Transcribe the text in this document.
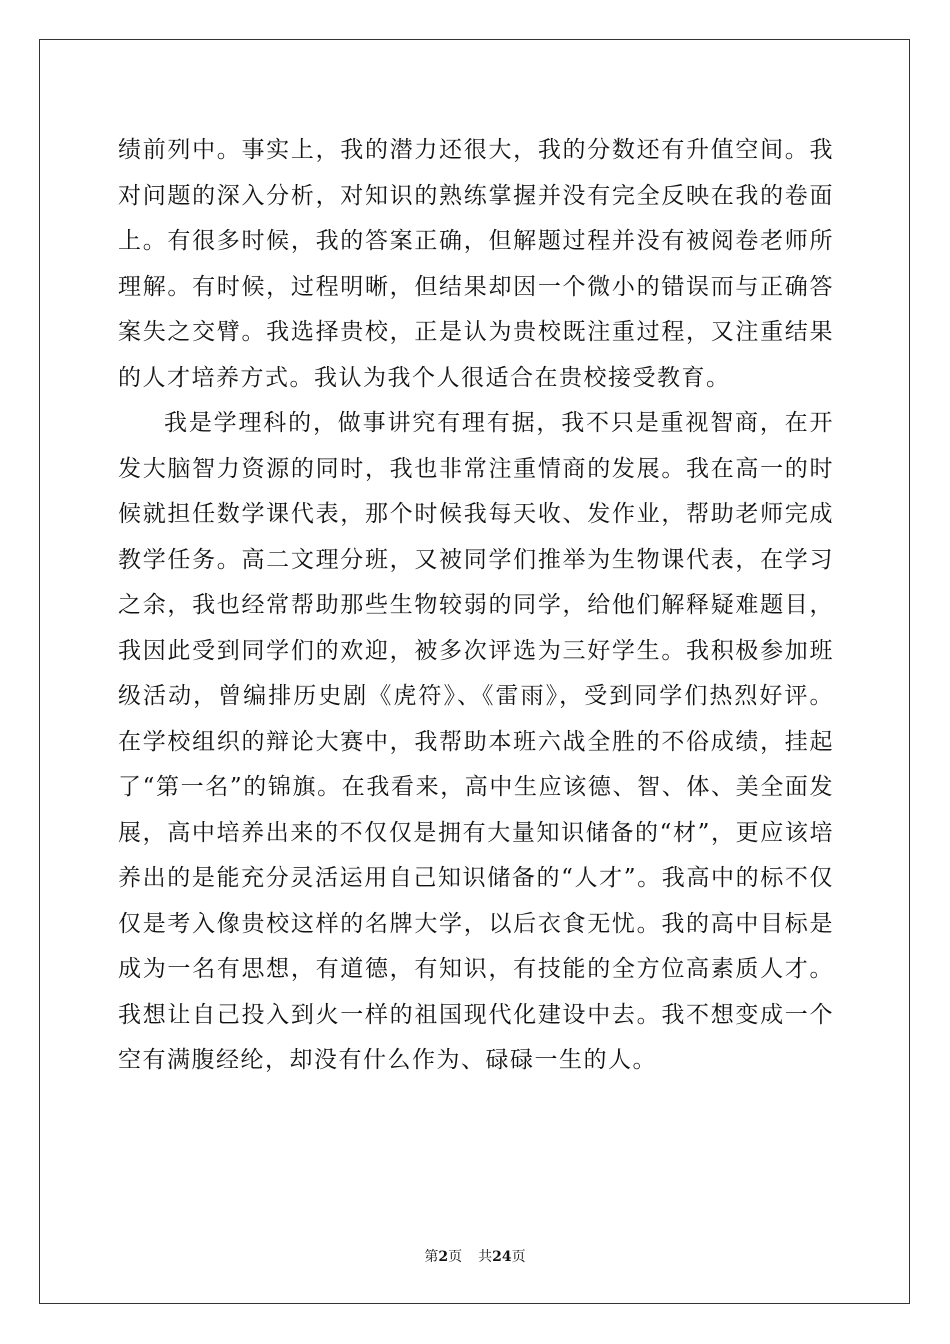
绩前列中。事实上，我的潜力还很大，我的分数还有升值空间。我对问题的深入分析，对知识的熟练掌握并没有完全反映在我的卷面上。有很多时候，我的答案正确，但解题过程并没有被阅卷老师所理解。有时候，过程明晰，但结果却因一个微小的错误而与正确答案失之交臂。我选择贵校，正是认为贵校既注重过程，又注重结果的人才培养方式。我认为我个人很适合在贵校接受教育。

我是学理科的，做事讲究有理有据，我不只是重视智商，在开发大脑智力资源的同时，我也非常注重情商的发展。我在高一的时候就担任数学课代表，那个时候我每天收、发作业，帮助老师完成教学任务。高二文理分班，又被同学们推举为生物课代表，在学习之余，我也经常帮助那些生物较弱的同学，给他们解释疑难题目，我因此受到同学们的欢迎，被多次评选为三好学生。我积极参加班级活动，曾编排历史剧《虎符》、《雷雨》，受到同学们热烈好评。在学校组织的辩论大赛中，我帮助本班六战全胜的不俗成绩，挂起了“第一名”的锦旗。在我看来，高中生应该德、智、体、美全面发展，高中培养出来的不仅仅是拥有大量知识储备的“材”，更应该培养出的是能充分灵活运用自己知识储备的“人才”。我高中的标不仅仅是考入像贵校这样的名牌大学，以后衣食无忧。我的高中目标是成为一名有思想，有道德，有知识，有技能的全方位高素质人才。我想让自己投入到火一样的祖国现代化建设中去。我不想变成一个空有满腹经纶，却没有什么作为、碌碌一生的人。

第2页 共24页
